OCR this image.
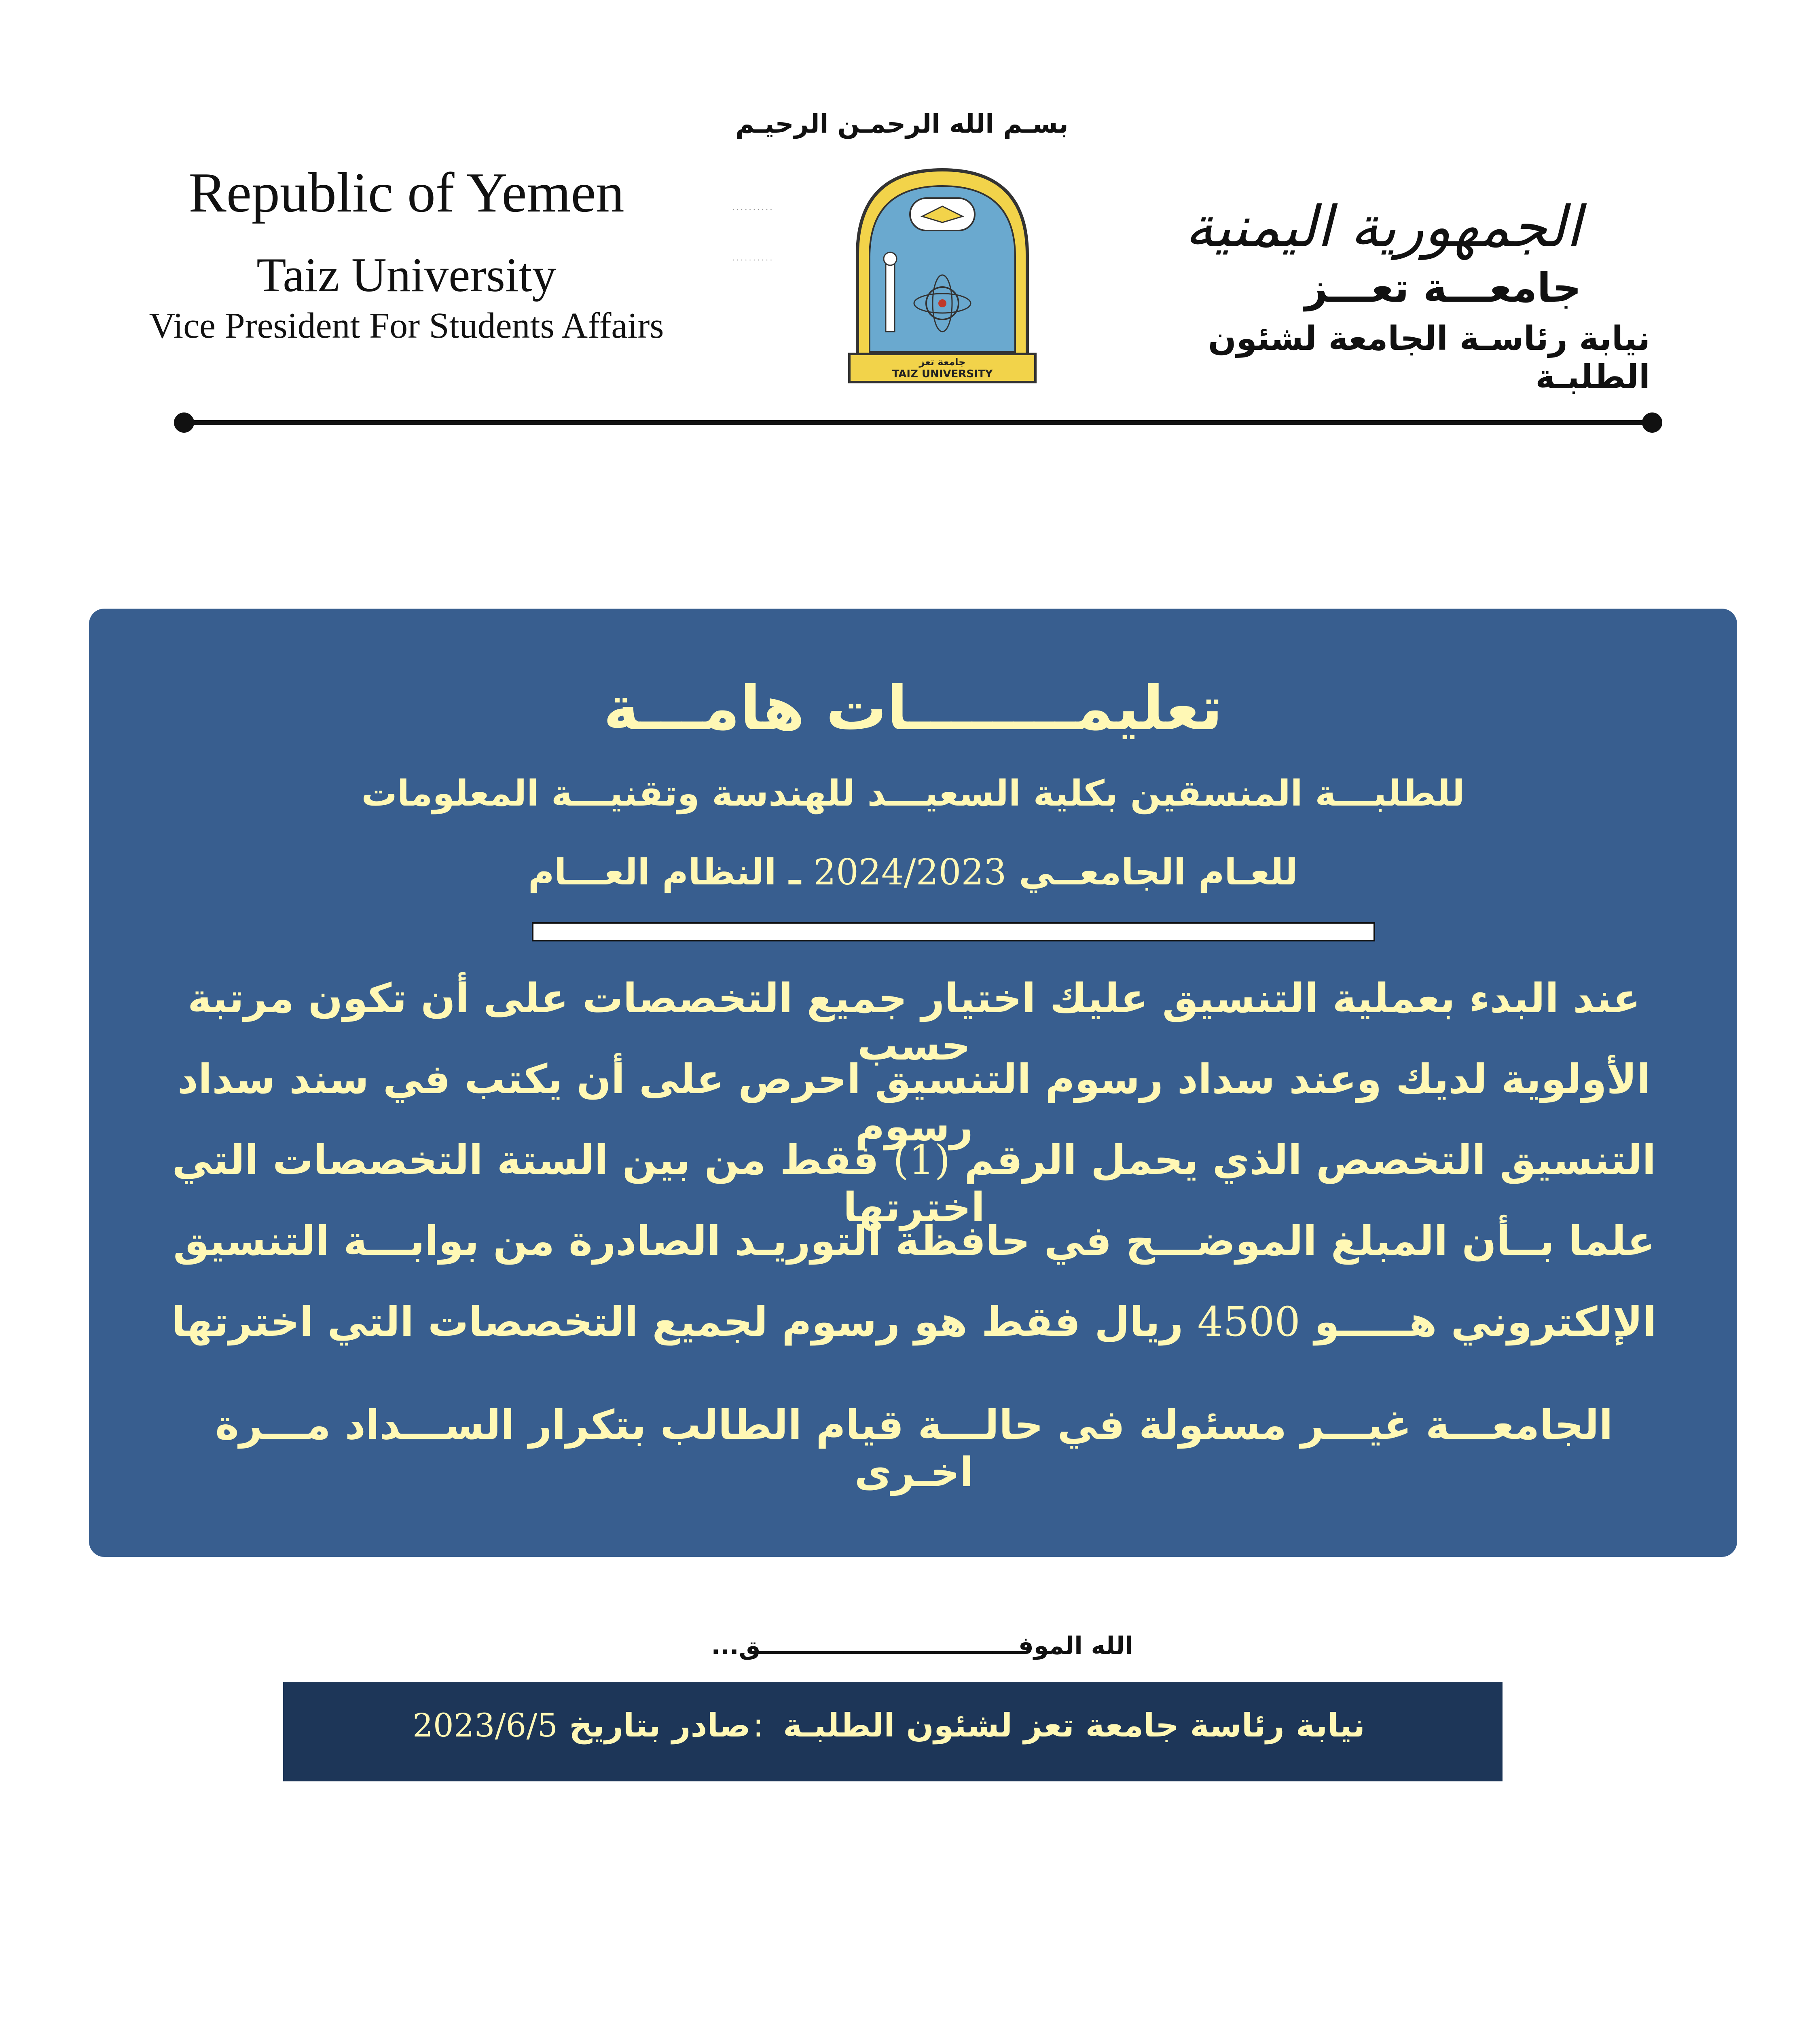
بسـم الله الرحمـن الرحيـم
Republic of Yemen
Taiz University
Vice President For Students Affairs
..........
..........
جامعة تعز
TAIZ UNIVERSITY
الجمهورية اليمنية
جامعـــة تعـــز
نيابة رئاسـة الجامعة لشئون الطلبـة
تعليمــــــــات هامـــة
للطلبـــة المنسقين بكلية السعيـــد للهندسة وتقنيـــة المعلومات
للعـام الجامعــي 2024/2023 ـ النظام العـــام
عند البدء بعملية التنسيق عليك اختيار جميع التخصصات على أن تكون مرتبة حسب
الأولوية لديك وعند سداد رسوم التنسيق احرص على أن يكتب في سند سداد رسوم
التنسيق التخصص الذي يحمل الرقم (1) فقط من بين الستة التخصصات التي اخترتها
علما بــأن المبلغ الموضـــح في حافظة التوريـد الصادرة من بوابـــة التنسيق
الإلكتروني هـــــو 4500 ريال فقط هو رسوم لجميع التخصصات التي اخترتها
الجامعـــة غيـــر مسئولة في حالـــة قيام الطالب بتكرار الســـداد مـــرة اخـرى
الله الموفـــــــــــــــــــــــــــــــق...
نيابة رئاسة جامعة تعز لشئون الطلبـة :
صادر بتاريخ 2023/6/5
